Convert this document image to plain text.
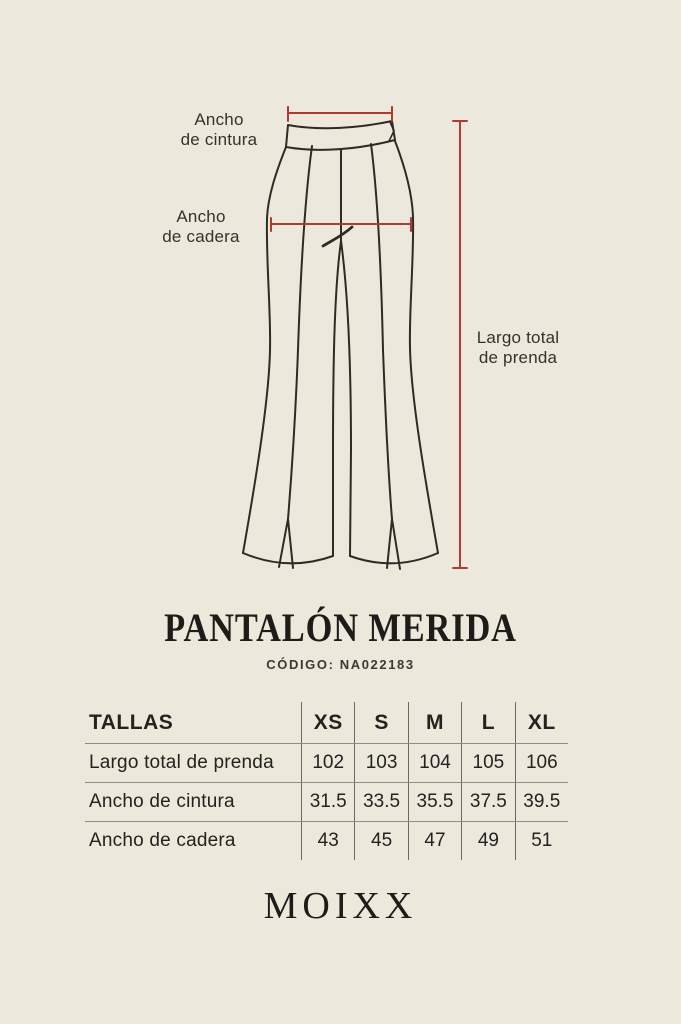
Ancho
de cintura
Ancho
de cadera
Largo total
de prenda
PANTALÓN MERIDA
CÓDIGO: NA022183
TALLAS	XS	S	M	L	XL
Largo total de prenda	102	103	104	105	106
Ancho de cintura	31.5 33.5 35.5 37.5 39.5
Ancho de cadera	43	45	47	49	51
MOIXX
